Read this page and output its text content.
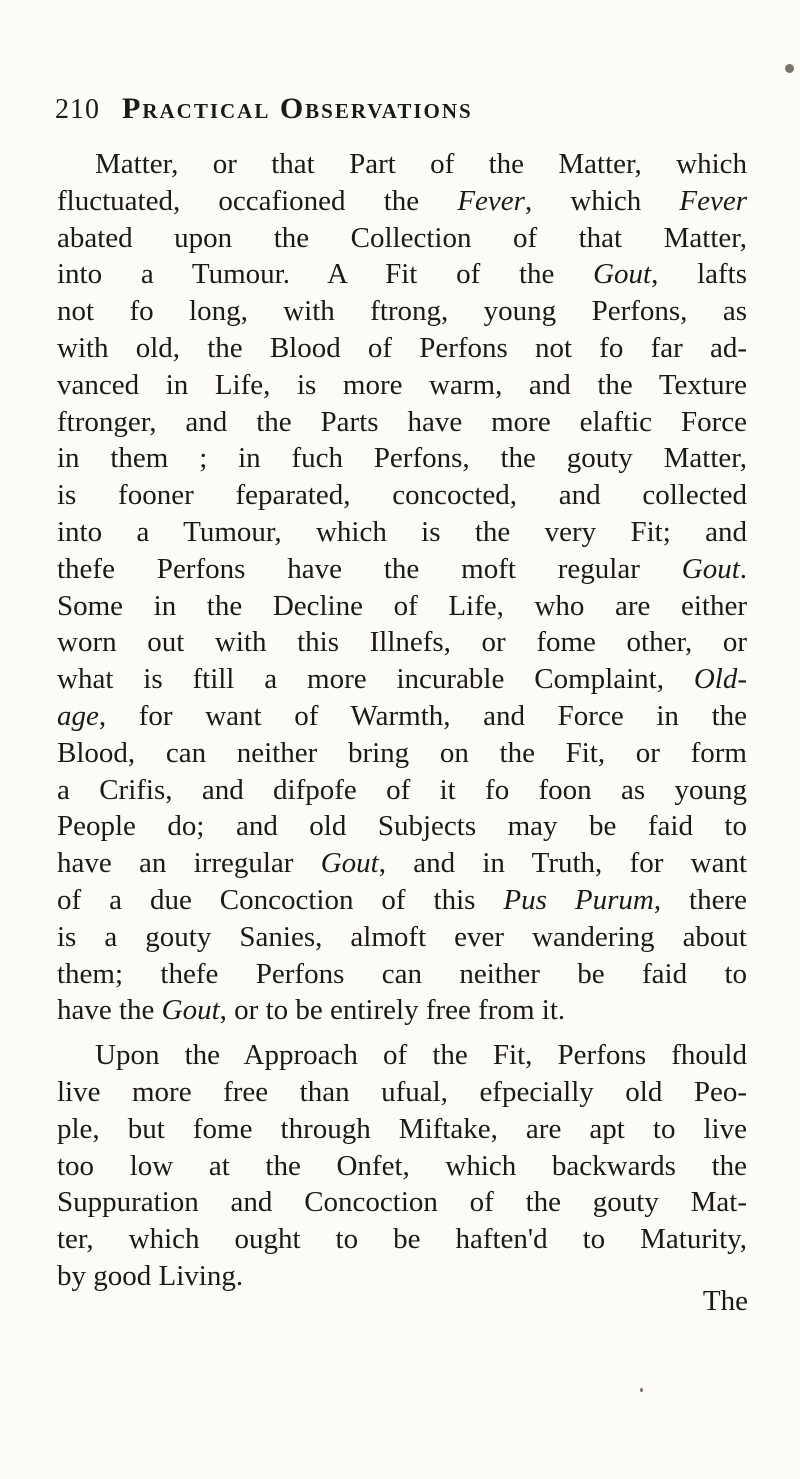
210 Practical Observations
Matter, or that Part of the Matter, which
fluctuated, occafioned the Fever, which Fever
abated upon the Collection of that Matter,
into a Tumour. A Fit of the Gout, lafts
not fo long, with ftrong, young Perfons, as
with old, the Blood of Perfons not fo far ad-
vanced in Life, is more warm, and the Texture
ftronger, and the Parts have more elaftic Force
in them ; in fuch Perfons, the gouty Matter,
is fooner feparated, concocted, and collected
into a Tumour, which is the very Fit; and
thefe Perfons have the moft regular Gout.
Some in the Decline of Life, who are either
worn out with this Illnefs, or fome other, or
what is ftill a more incurable Complaint, Old-
age, for want of Warmth, and Force in the
Blood, can neither bring on the Fit, or form
a Crifis, and difpofe of it fo foon as young
People do; and old Subjects may be faid to
have an irregular Gout, and in Truth, for want
of a due Concoction of this Pus Purum, there
is a gouty Sanies, almoft ever wandering about
them; thefe Perfons can neither be faid to
have the Gout, or to be entirely free from it.
Upon the Approach of the Fit, Perfons fhould
live more free than ufual, efpecially old Peo-
ple, but fome through Miftake, are apt to live
too low at the Onfet, which backwards the
Suppuration and Concoction of the gouty Mat-
ter, which ought to be haften'd to Maturity,
by good Living.
The
